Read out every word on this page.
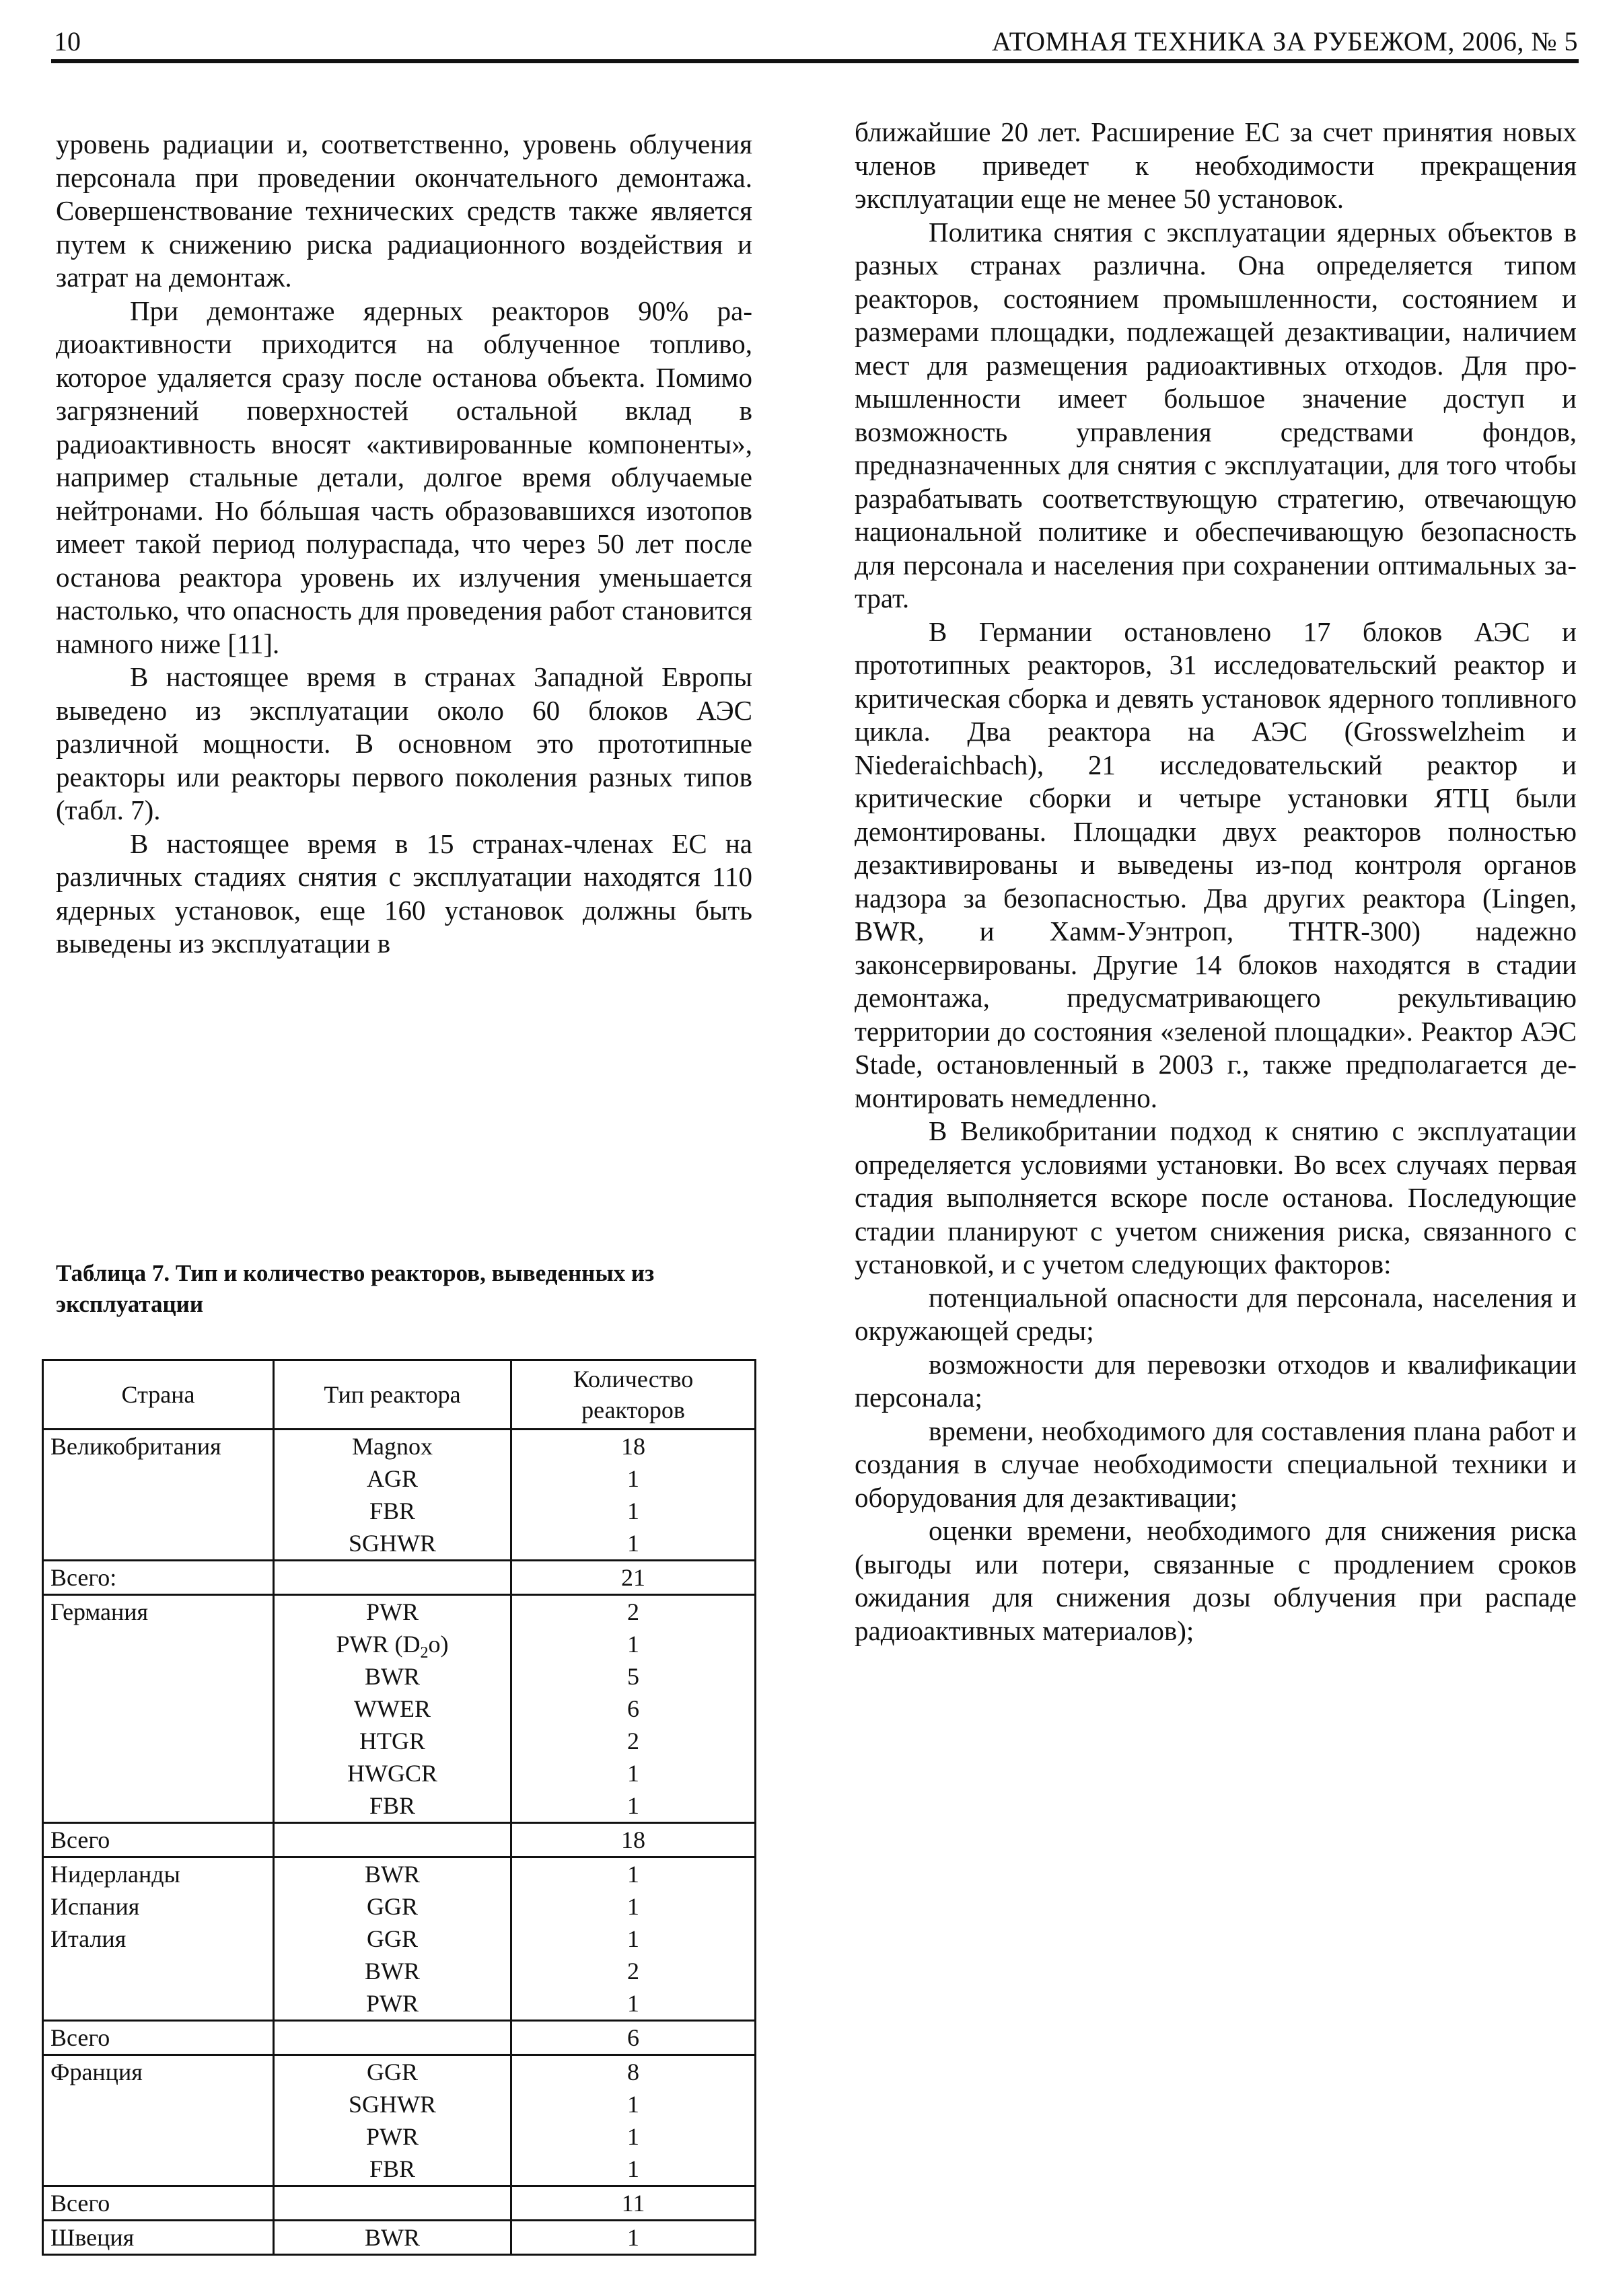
10	АТОМНАЯ ТЕХНИКА ЗА РУБЕЖОМ, 2006, № 5

уровень радиации и, соответственно, уровень облучения персонала при проведении окончательного демонтажа. Совершенствование технических средств также является путем к снижению риска радиационного воздействия и затрат на демонтаж.

При демонтаже ядерных реакторов 90% радиоактивности приходится на облученное топливо, которое удаляется сразу после останова объекта. Помимо загрязнений поверхностей остальной вклад в радиоактивность вносят «активированные компоненты», например стальные детали, долгое время облучаемые нейтронами. Но бóльшая часть образовавшихся изотопов имеет такой период полураспада, что через 50 лет после останова реактора уровень их излучения уменьшается настолько, что опасность для проведения работ становится намного ниже [11].

В настоящее время в странах Западной Европы выведено из эксплуатации около 60 блоков АЭС различной мощности. В основном это прототипные реакторы или реакторы первого поколения разных типов (табл. 7).

В настоящее время в 15 странах-членах ЕС на различных стадиях снятия с эксплуатации находятся 110 ядерных установок, еще 160 установок должны быть выведены из эксплуатации в

Таблица 7. Тип и количество реакторов, выведенных из эксплуатации
Страна	Тип реактора	Количество реакторов
Великобритания	Magnox	18
	AGR	1
	FBR	1
	SGHWR	1
Всего:		21
Германия	PWR	2
	PWR $(D_2o)$	1
	BWR	5
	WWER	6
	HTGR	2
	HWGCR	1
	FBR	1
Всего		18
Нидерланды	BWR	1
Испания	GGR	1
Италия	GGR	1
	BWR	2
	PWR	1
Всего		6
Франция	GGR	8
	SGHWR	1
	PWR	1
	FBR	1
Всего		11
Швеция	BWR	1

ближайшие 20 лет. Расширение ЕС за счет принятия новых членов приведет к необходимости прекращения эксплуатации еще не менее 50 установок.

Политика снятия с эксплуатации ядерных объектов в разных странах различна. Она определяется типом реакторов, состоянием промышленности, состоянием и размерами площадки, подлежащей дезактивации, наличием мест для размещения радиоактивных отходов. Для промышленности имеет большое значение доступ и возможность управления средствами фондов, предназначенных для снятия с эксплуатации, для того чтобы разрабатывать соответствующую стратегию, отвечающую национальной политике и обеспечивающую безопасность для персонала и населения при сохранении оптимальных затрат.

В Германии остановлено 17 блоков АЭС и прототипных реакторов, 31 исследовательский реактор и критическая сборка и девять установок ядерного топливного цикла. Два реактора на АЭС (Grosswelzheim и Niederaichbach), 21 исследовательский реактор и критические сборки и четыре установки ЯТЦ были демонтированы. Площадки двух реакторов полностью дезактивированы и выведены из-под контроля органов надзора за безопасностью. Два других реактора (Lingen, BWR, и Хамм-Уэнтроп, THTR-300) надежно законсервированы. Другие 14 блоков находятся в стадии демонтажа, предусматривающего рекультивацию территории до состояния «зеленой площадки». Реактор АЭС Stade, остановленный в 2003 г., также предполагается демонтировать немедленно.

В Великобритании подход к снятию с эксплуатации определяется условиями установки. Во всех случаях первая стадия выполняется вскоре после останова. Последующие стадии планируют с учетом снижения риска, связанного с установкой, и с учетом следующих факторов:

потенциальной опасности для персонала, населения и окружающей среды;

возможности для перевозки отходов и квалификации персонала;

времени, необходимого для составления плана работ и создания в случае необходимости специальной техники и оборудования для дезактивации;

оценки времени, необходимого для снижения риска (выгоды или потери, связанные с продлением сроков ожидания для снижения дозы облучения при распаде радиоактивных материалов);
